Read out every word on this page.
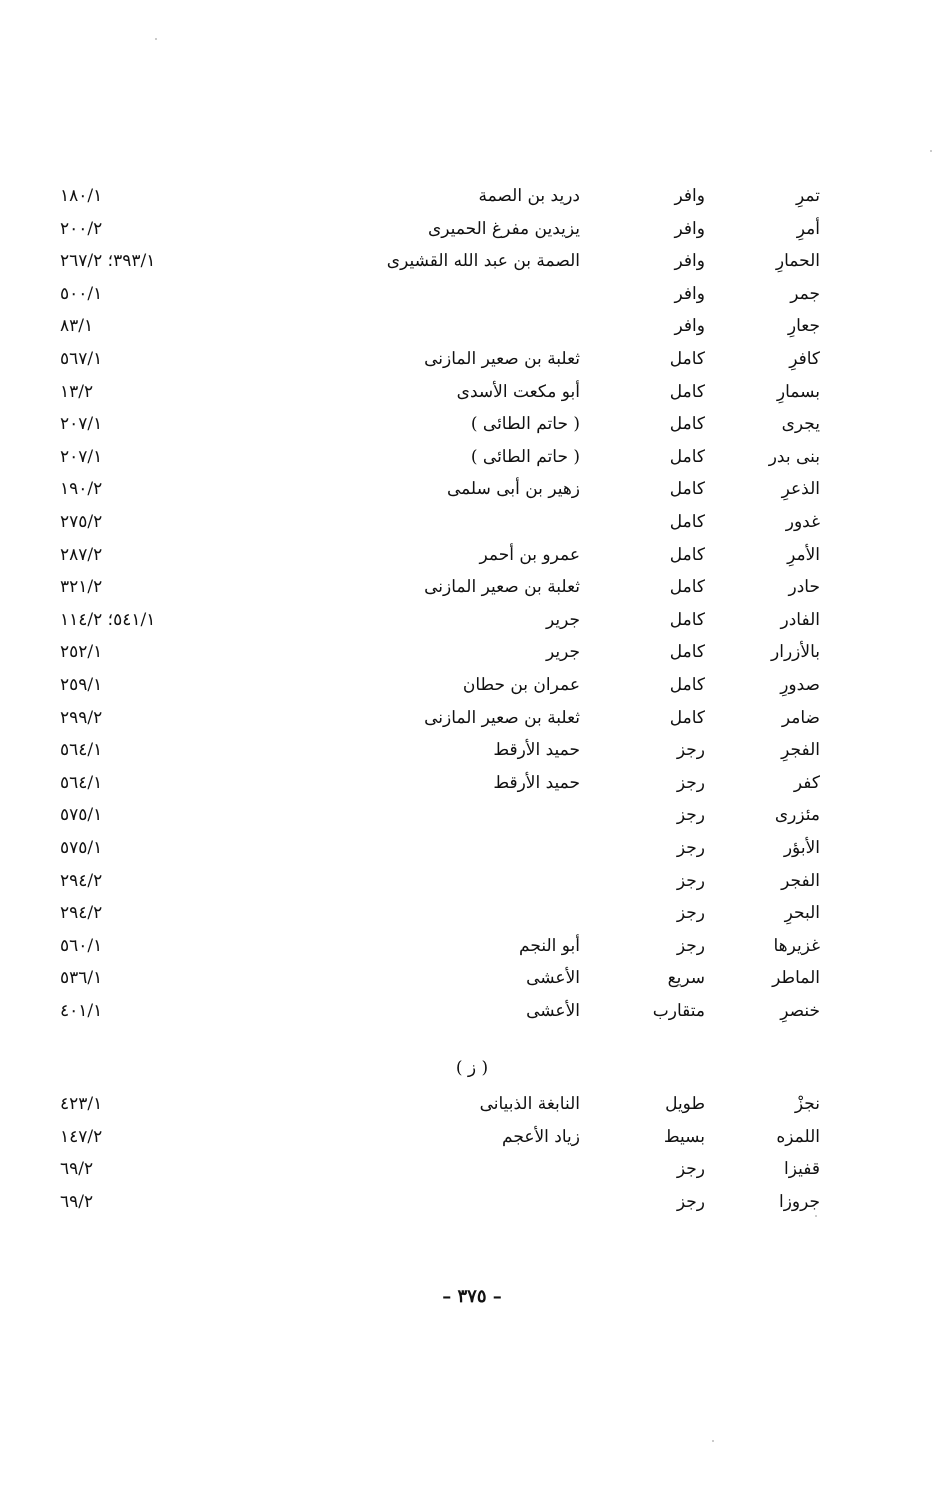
تمرِ
وافر
دريد بن الصمة
١٨٠/١
أمرِ
وافر
يزيدين مفرغ الحميرى
٢٠٠/٢
الحمارِ
وافر
الصمة بن عبد الله القشيرى
٣٩٣/١؛ ٢٦٧/٢
جمر
وافر
٥٠٠/١
جعارِ
وافر
٨٣/١
كافرِ
كامل
ثعلبة بن صعير المازنى
٥٦٧/١
بسمارِ
كامل
أبو مكعت الأسدى
١٣/٢
يجرى
كامل
( حاتم الطائى )
٢٠٧/١
بنى بدر
كامل
( حاتم الطائى )
٢٠٧/١
الذعرِ
كامل
زهير بن أبى سلمى
١٩٠/٢
غدور
كامل
٢٧٥/٢
الأمرِ
كامل
عمرو بن أحمر
٢٨٧/٢
حادر
كامل
ثعلبة بن صعير المازنى
٣٢١/٢
الفادر
كامل
جرير
٥٤١/١؛ ١١٤/٢
بالأزرار
كامل
جرير
٢٥٢/١
صدورِ
كامل
عمران بن حطان
٢٥٩/١
ضامر
كامل
ثعلبة بن صعير المازنى
٢٩٩/٢
الفجرِ
رجز
حميد الأرقط
٥٦٤/١
كفر
رجز
حميد الأرقط
٥٦٤/١
مئزرى
رجز
٥٧٥/١
الأبؤر
رجز
٥٧٥/١
الفجر
رجز
٢٩٤/٢
البحرِ
رجز
٢٩٤/٢
غزيرها
رجز
أبو النجم
٥٦٠/١
الماطر
سريع
الأعشى
٥٣٦/١
خنصرِ
متقارب
الأعشى
٤٠١/١
( ز )
نجزْ
طويل
النابغة الذبيانى
٤٢٣/١
اللمزه
بسيط
زياد الأعجم
١٤٧/٢
قفيزا
رجز
٦٩/٢
جروزا
رجز
٦٩/٢
– ٣٧٥ –
